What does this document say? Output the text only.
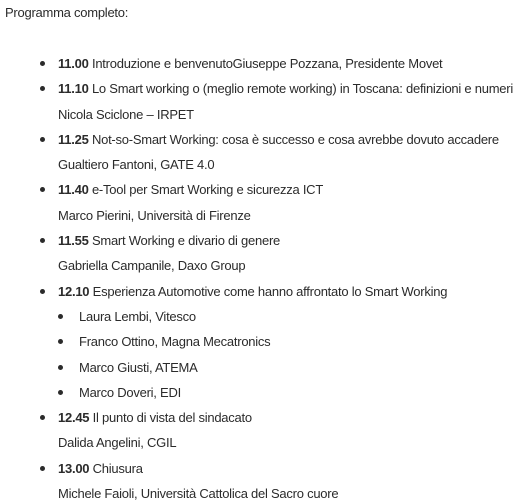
Programma completo:

11.00 Introduzione e benvenutoGiuseppe Pozzana, Presidente Movet
11.10 Lo Smart working o (meglio remote working) in Toscana: definizioni e numeri
Nicola Sciclone – IRPET
11.25 Not-so-Smart Working: cosa è successo e cosa avrebbe dovuto accadere
Gualtiero Fantoni, GATE 4.0
11.40 e-Tool per Smart Working e sicurezza ICT
Marco Pierini, Università di Firenze
11.55 Smart Working e divario di genere
Gabriella Campanile, Daxo Group
12.10 Esperienza Automotive come hanno affrontato lo Smart Working
Laura Lembi, Vitesco
Franco Ottino, Magna Mecatronics
Marco Giusti, ATEMA
Marco Doveri, EDI
12.45 Il punto di vista del sindacato
Dalida Angelini, CGIL
13.00 Chiusura
Michele Faioli, Università Cattolica del Sacro cuore
